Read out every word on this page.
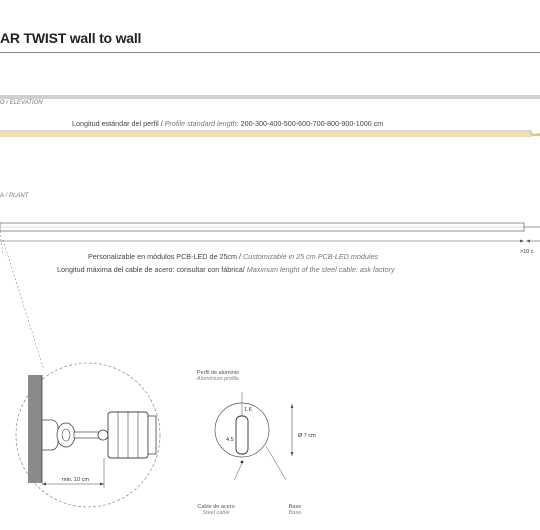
AR TWIST wall to wall
O / ELEVATION
Longitud estándar del perfil / Profile standard length: 200-300-400-500-600-700-800-900-1000 cm
A / PLANT
>10 c
Personalizable en módulos PCB-LED de 25cm / Customizable in 25 cm PCB-LED modules
Longitud máxima del cable de acero: consultar con fábrica/ Maximum lenght of the steel cable: ask factory
min. 10 cm
Perfil de aluminio
Aluminium profile
1.6
4.5
Ø 7 cm
Cable de acero
Steel cable
Base
Base
